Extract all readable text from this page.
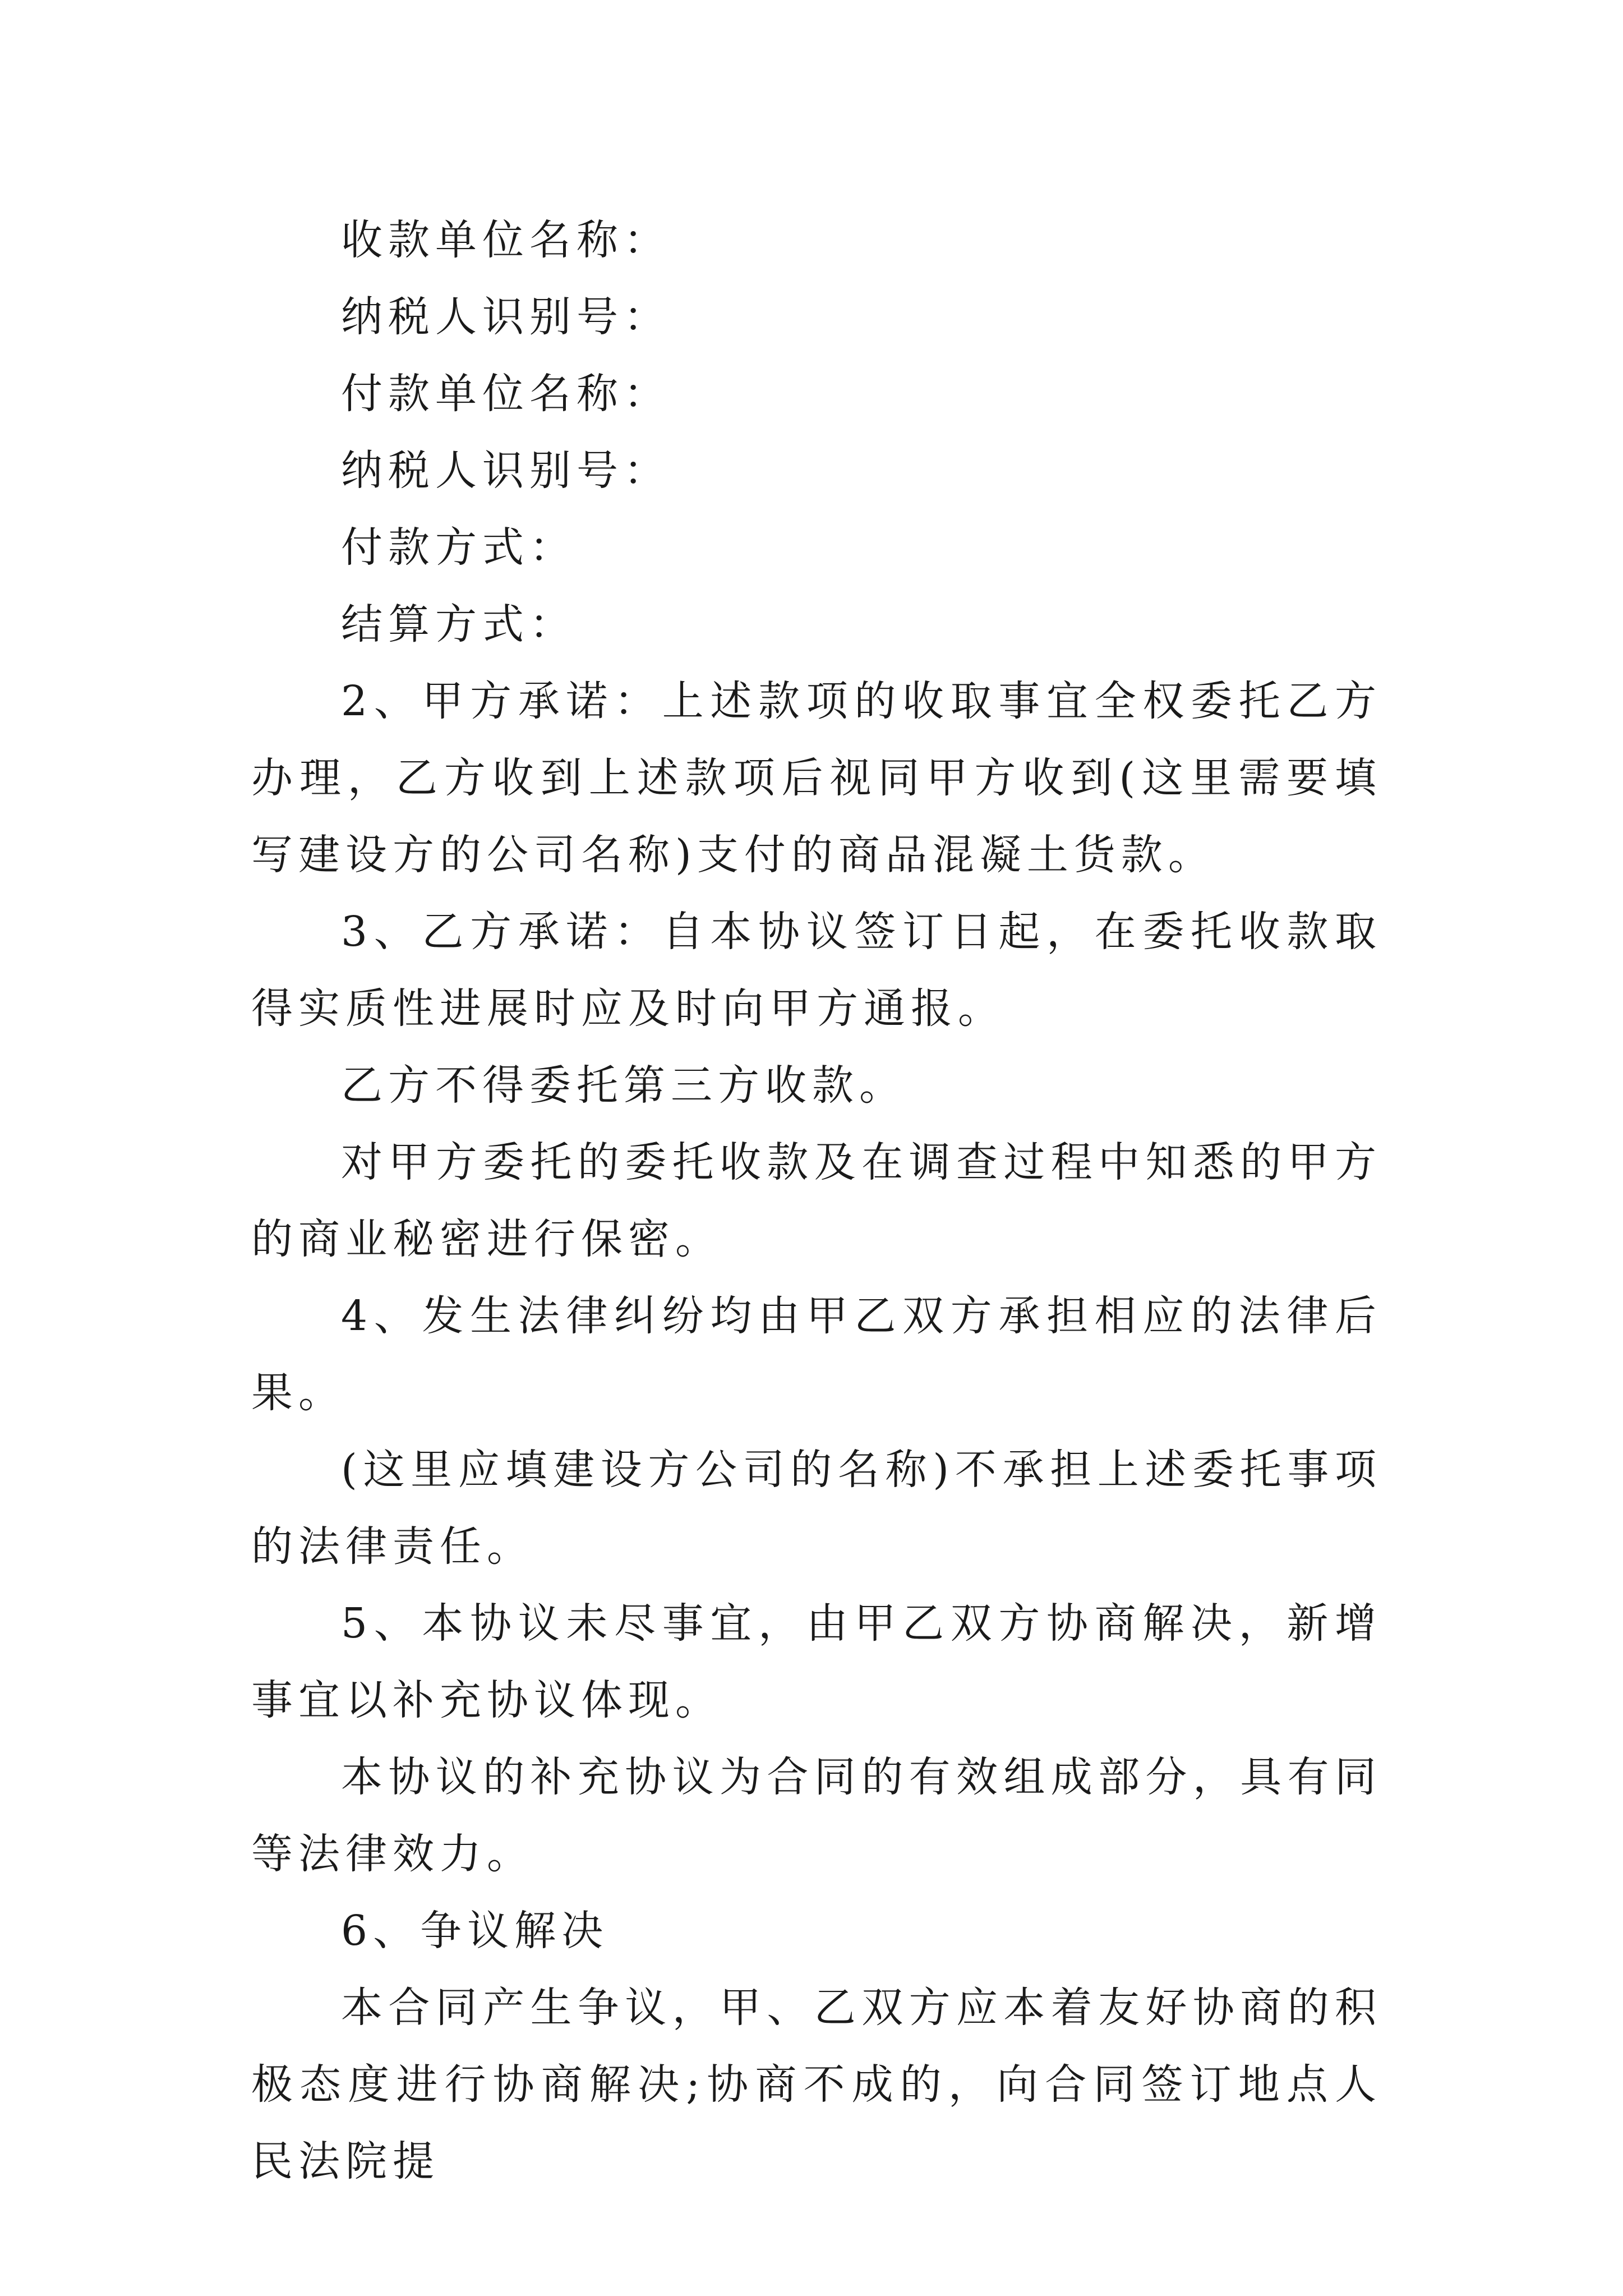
收款单位名称：

纳税人识别号：

付款单位名称：

纳税人识别号：

付款方式：

结算方式：

2、甲方承诺：上述款项的收取事宜全权委托乙方办理，乙方收到上述款项后视同甲方收到(这里需要填写建设方的公司名称)支付的商品混凝土货款。

3、乙方承诺：自本协议签订日起，在委托收款取得实质性进展时应及时向甲方通报。

乙方不得委托第三方收款。

对甲方委托的委托收款及在调查过程中知悉的甲方的商业秘密进行保密。

4、发生法律纠纷均由甲乙双方承担相应的法律后果。

(这里应填建设方公司的名称)不承担上述委托事项的法律责任。

5、本协议未尽事宜，由甲乙双方协商解决，新增事宜以补充协议体现。

本协议的补充协议为合同的有效组成部分，具有同等法律效力。

6、争议解决

本合同产生争议，甲、乙双方应本着友好协商的积极态度进行协商解决;协商不成的，向合同签订地点人民法院提
